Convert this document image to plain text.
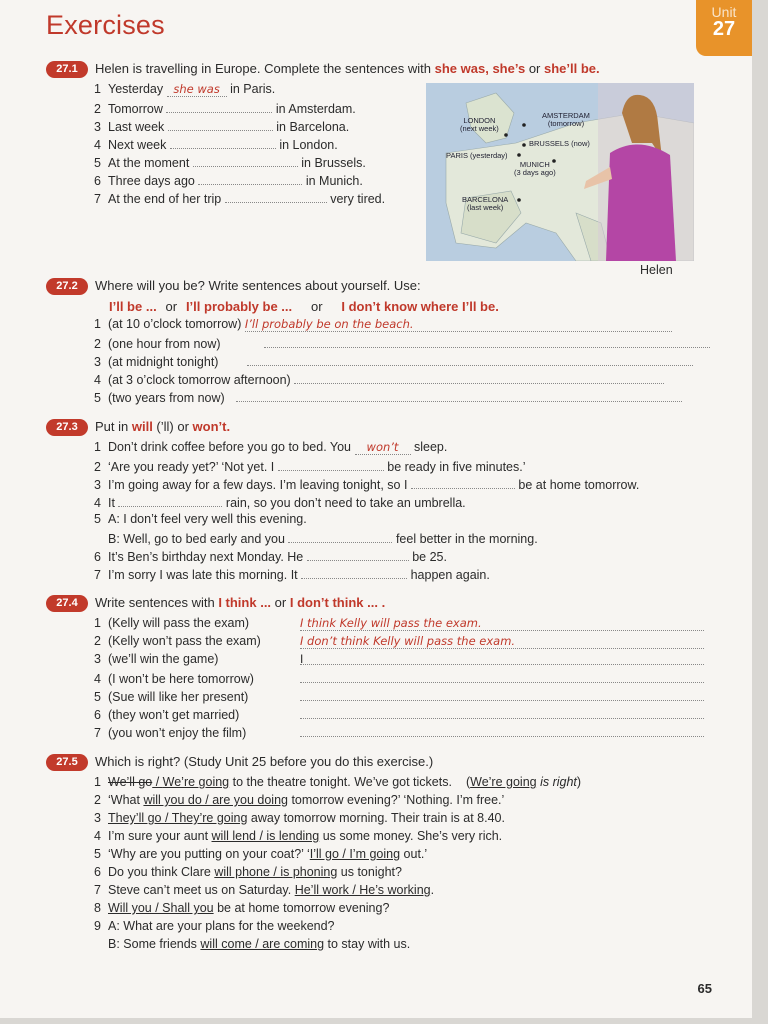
Exercises	Unit
27
27.1	Helen is travelling in Europe. Complete the sentences with she was, she’s or she’ll be.
1 Yesterday she was in Paris.
2 Tomorrow	in Amsterdam.
3 Last week	in Barcelona.
4 Next week	in London.
5 At the moment	in Brussels.
6 Three days ago	in Munich.
7 At the end of her trip	very tired.
LONDON
(next week)
AMSTERDAM
(tomorrow)
BRUSSELS (now)
PARIS (yesterday)
MUNICH
(3 days ago)
BARCELONA
(last week)
Helen
27.2	Where will you be? Write sentences about yourself. Use:
I’ll be ... or I’ll probably be ... or I don’t know where I’ll be.
1 (at 10 o’clock tomorrow) I’ll probably be on the beach.
2 (one hour from now)
3 (at midnight tonight)
4 (at 3 o’clock tomorrow afternoon)
5 (two years from now)
27.3	Put in will (’ll) or won’t.
1 Don’t drink coffee before you go to bed. You won’t sleep.
2 ‘Are you ready yet?’ ‘Not yet. I	be ready in five minutes.’
3 I’m going away for a few days. I’m leaving tonight, so I	be at home tomorrow.
4 It	rain, so you don’t need to take an umbrella.
5 A: I don’t feel very well this evening.
B: Well, go to bed early and you	feel better in the morning.
6 It’s Ben’s birthday next Monday. He	be 25.
7 I’m sorry I was late this morning. It	happen again.
27.4	Write sentences with I think ... or I don’t think ... .
1 (Kelly will pass the exam)	I think Kelly will pass the exam.
2 (Kelly won’t pass the exam)	I don’t think Kelly will pass the exam.
3 (we’ll win the game)	I
4 (I won’t be here tomorrow)
5 (Sue will like her present)
6 (they won’t get married)
7 (you won’t enjoy the film)
27.5	Which is right? (Study Unit 25 before you do this exercise.)
1 We’ll go / We’re going to the theatre tonight. We’ve got tickets. (We’re going is right)
2 ‘What will you do / are you doing tomorrow evening?’ ‘Nothing. I’m free.’
3 They’ll go / They’re going away tomorrow morning. Their train is at 8.40.
4 I’m sure your aunt will lend / is lending us some money. She’s very rich.
5 ‘Why are you putting on your coat?’ ‘I’ll go / I’m going out.’
6 Do you think Clare will phone / is phoning us tonight?
7 Steve can’t meet us on Saturday. He’ll work / He’s working.
8 Will you / Shall you be at home tomorrow evening?
9 A: What are your plans for the weekend?
B: Some friends will come / are coming to stay with us.
65
